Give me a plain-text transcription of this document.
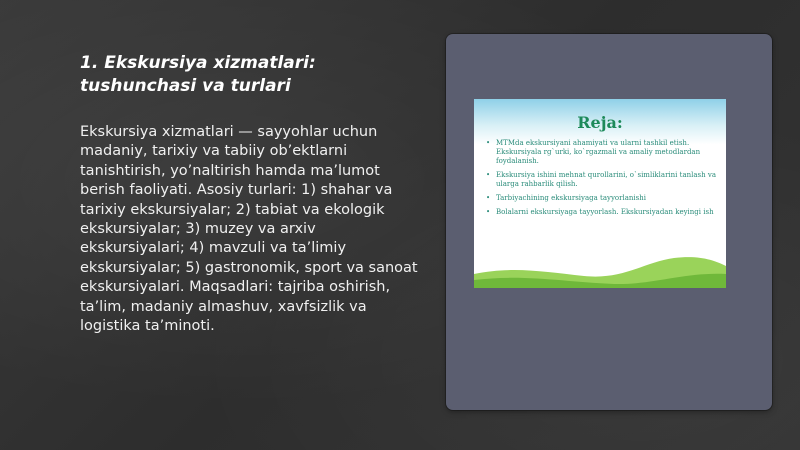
1. Ekskursiya xizmatlari: tushunchasi va turlari
Ekskursiya xizmatlari — sayyohlar uchun madaniy, tarixiy va tabiiy ob’ektlarni tanishtirish, yo’naltirish hamda ma’lumot berish faoliyati. Asosiy turlari: 1) shahar va tarixiy ekskursiyalar; 2) tabiat va ekologik ekskursiyalar; 3) muzey va arxiv ekskursiyalari; 4) mavzuli va ta’limiy ekskursiyalar; 5) gastronomik, sport va sanoat ekskursiyalari. Maqsadlari: tajriba oshirish, ta’lim, madaniy almashuv, xavfsizlik va logistika ta’minoti.
Reja:
• MTMda ekskursiyani ahamiyati va ularni tashkil etish. Ekskursiyala rg`urki, ko`rgazmali va amaliy metodlardan foydalanish.
• Ekskursiya ishini mehnat qurollarini, o`simliklarini tanlash va ularga rahbarlik qilish.
• Tarbiyachining ekskursiyaga tayyorlanishi
• Bolalarni ekskursiyaga tayyorlash. Ekskursiyadan keyingi ish
